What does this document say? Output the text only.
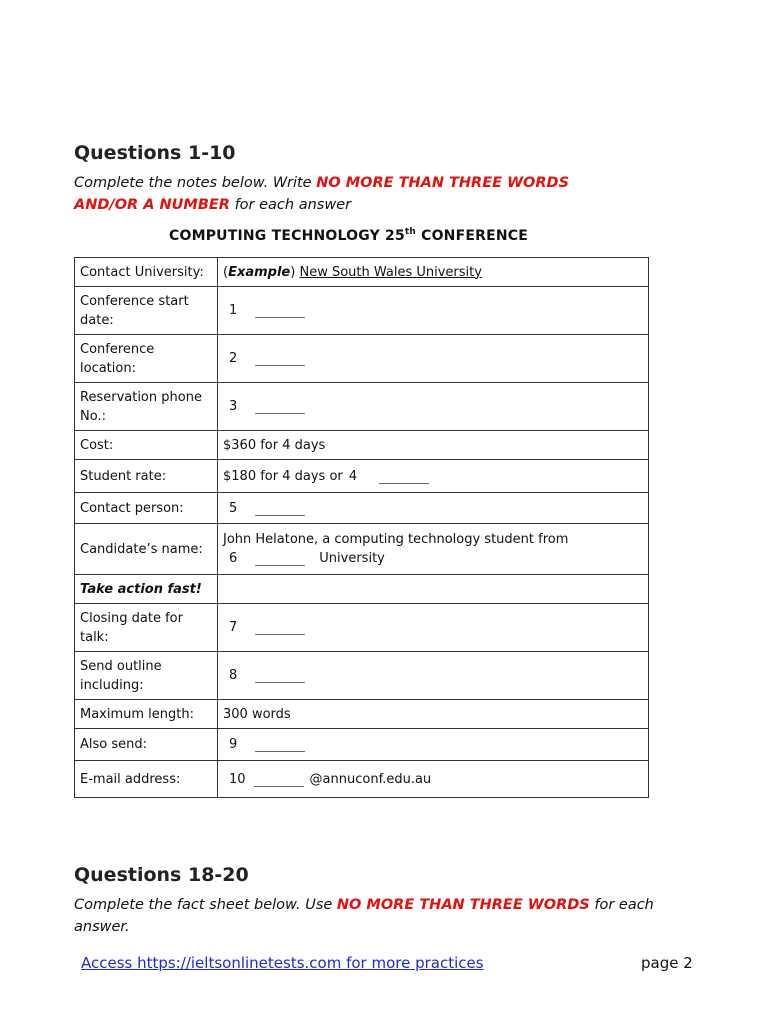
Questions 1-10
Complete the notes below. Write NO MORE THAN THREE WORDS AND/OR A NUMBER for each answer
COMPUTING TECHNOLOGY 25th CONFERENCE
Contact University:	(Example) New South Wales University
Conference start date:	1
Conference location:	2
Reservation phone No.:	3
Cost:	$360 for 4 days
Student rate:	$180 for 4 days or 4
Contact person:	5
Candidate’s name:	John Helatone, a computing technology student from
6 University

Take action fast!	
Closing date for talk:	7
Send outline including:	8
Maximum length:	300 words
Also send:	9
E-mail address:	10 @annuconf.edu.au
Questions 18-20
Complete the fact sheet below. Use NO MORE THAN THREE WORDS for each answer.
Access https://ieltsonlinetests.com for more practices	page 2
